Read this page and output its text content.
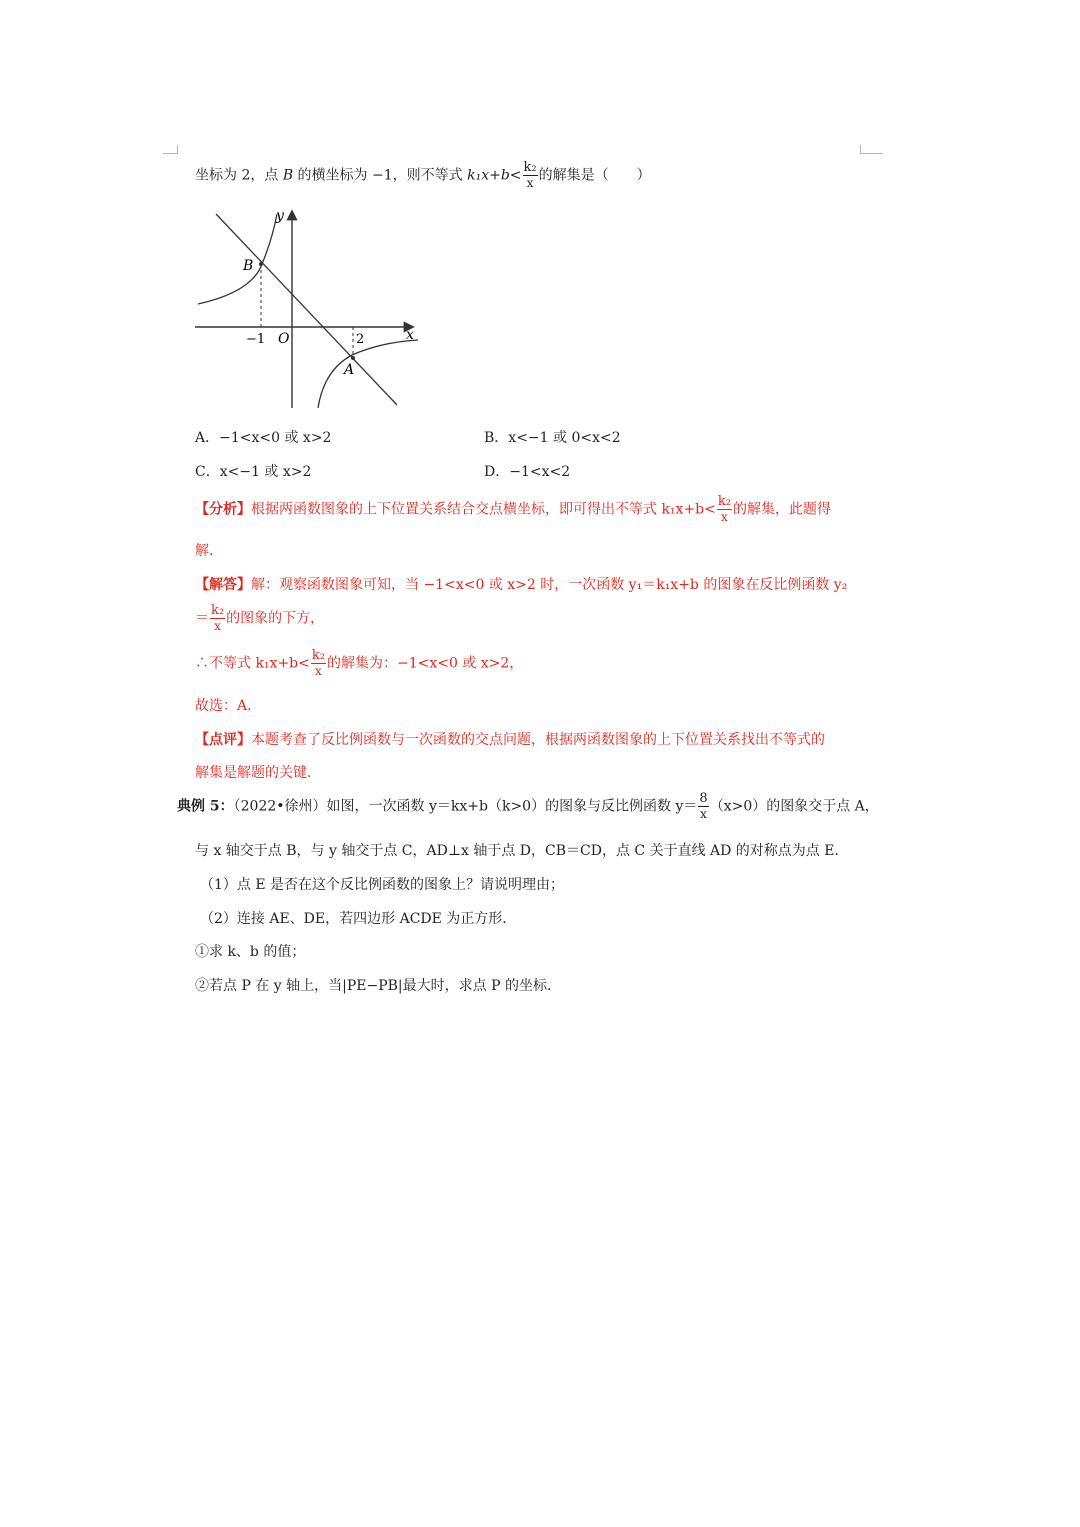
坐标为 2，点 B 的横坐标为 −1，则不等式 $k_1x+b< \frac{\text{k₂}}{x}$ 的解集是（　　）
y
x
O
B
A
−1	2
A．−1<x<0 或 x>2	B．x<−1 或 0<x<2
C．x<−1 或 x>2	D．−1<x<2
【分析】根据两函数图象的上下位置关系结合交点横坐标，即可得出不等式 $k_1x+b< \frac{\text{k₂}}{x}$ 的解集，此题得
解．
【解答】解：观察函数图象可知，当 −1<x<0 或 x>2 时，一次函数 y₁＝k₁x+b 的图象在反比例函数 y₂
＝ $\frac{\text{k₂}}{x}$ 的图象的下方，
∴不等式 $k_1x+b< \frac{\text{k₂}}{x}$ 的解集为：−1<x<0 或 x>2，
故选：A．
【点评】本题考查了反比例函数与一次函数的交点问题，根据两函数图象的上下位置关系找出不等式的
解集是解题的关键．
典例 5：（2022•徐州）如图，一次函数 y＝kx+b（k>0）的图象与反比例函数 $y= \frac{8}{x} (x>0)$的图象交于点 A，
与 x 轴交于点 B，与 y 轴交于点 C，AD⊥x 轴于点 D，CB＝CD，点 C 关于直线 AD 的对称点为点 E．
（1）点 E 是否在这个反比例函数的图象上？请说明理由；
（2）连接 AE、DE，若四边形 ACDE 为正方形．
①求 k、b 的值；
②若点 P 在 y 轴上，当|PE−PB|最大时，求点 P 的坐标．
